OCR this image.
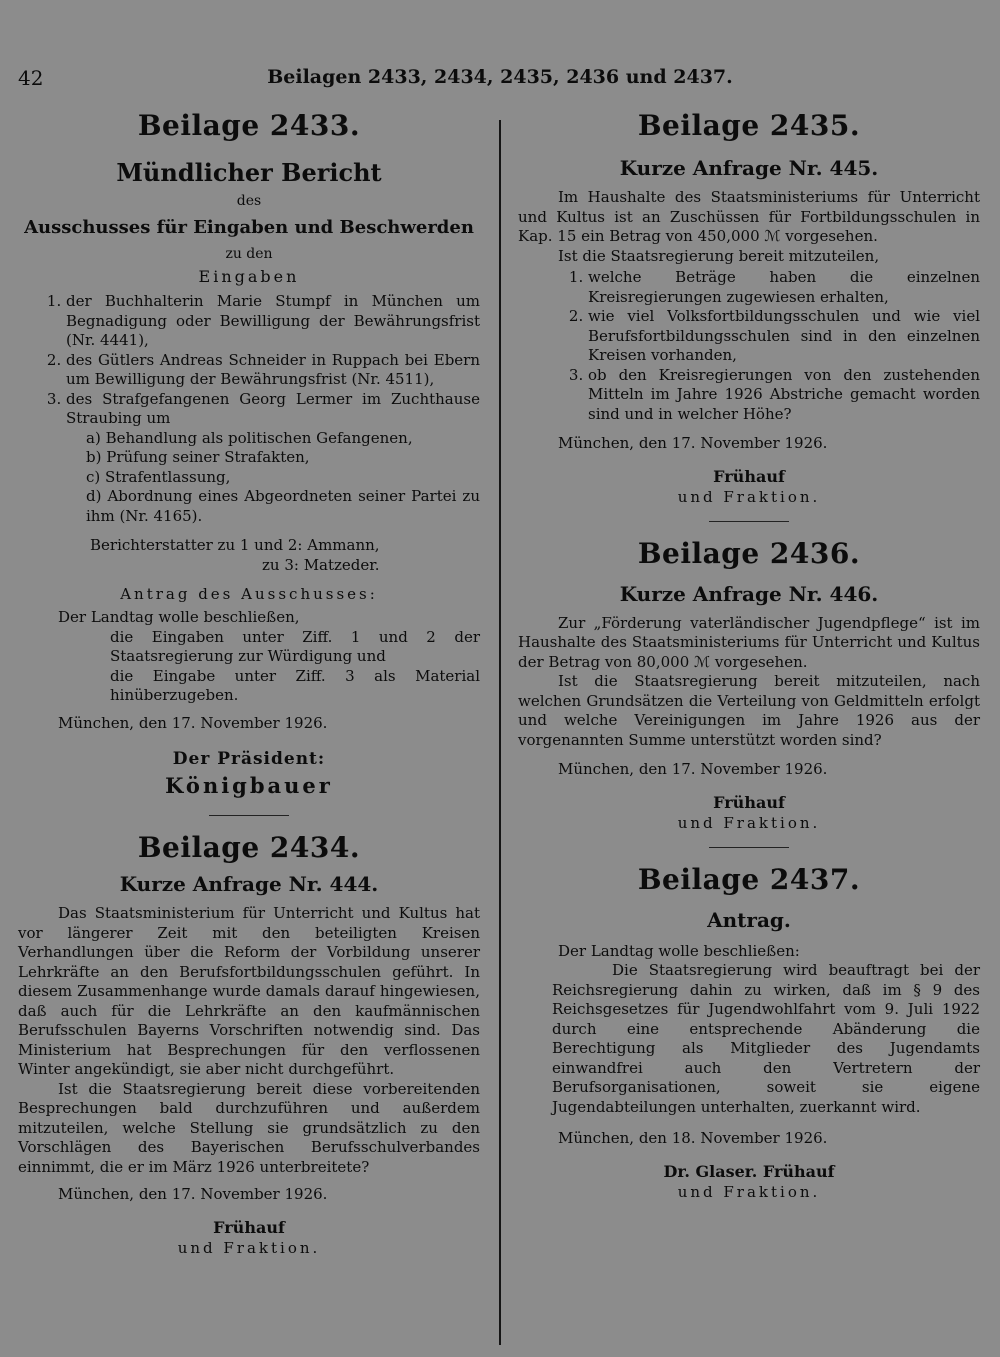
42	Beilagen 2433, 2434, 2435, 2436 und 2437.
Beilage 2433.
Mündlicher Bericht
des
Ausschusses für Eingaben und Beschwerden
zu den
Eingaben
1. der Buchhalterin Marie Stumpf in München um Begnadigung oder Bewilligung der Bewährungsfrist (Nr. 4441),
2. des Gütlers Andreas Schneider in Ruppach bei Ebern um Bewilligung der Bewährungsfrist (Nr. 4511),
3. des Strafgefangenen Georg Lermer im Zuchthause Straubing um
a) Behandlung als politischen Gefangenen,
b) Prüfung seiner Strafakten,
c) Strafentlassung,
d) Abordnung eines Abgeordneten seiner Partei zu ihm (Nr. 4165).

Berichterstatter zu 1 und 2: Ammann,

zu 3: Matzeder.

Antrag des Ausschusses:

Der Landtag wolle beschließen,

die Eingaben unter Ziff. 1 und 2 der Staatsregierung zur Würdigung und

die Eingabe unter Ziff. 3 als Material hinüberzugeben.

München, den 17. November 1926.

Der Präsident:
Königbauer
Beilage 2434.
Kurze Anfrage Nr. 444.

Das Staatsministerium für Unterricht und Kultus hat vor längerer Zeit mit den beteiligten Kreisen Verhandlungen über die Reform der Vorbildung unserer Lehrkräfte an den Berufsfortbildungsschulen geführt. In diesem Zusammenhange wurde damals darauf hingewiesen, daß auch für die Lehrkräfte an den kaufmännischen Berufsschulen Bayerns Vorschriften notwendig sind. Das Ministerium hat Besprechungen für den verflossenen Winter angekündigt, sie aber nicht durchgeführt.

Ist die Staatsregierung bereit diese vorbereitenden Besprechungen bald durchzuführen und außerdem mitzuteilen, welche Stellung sie grundsätzlich zu den Vorschlägen des Bayerischen Berufsschulverbandes einnimmt, die er im März 1926 unterbreitete?

München, den 17. November 1926.

Frühauf
und Fraktion.
Beilage 2435.
Kurze Anfrage Nr. 445.

Im Haushalte des Staatsministeriums für Unterricht und Kultus ist an Zuschüssen für Fortbildungsschulen in Kap. 15 ein Betrag von 450,000 ℳ vorgesehen.

Ist die Staatsregierung bereit mitzuteilen,

1. welche Beträge haben die einzelnen Kreisregierungen zugewiesen erhalten,
2. wie viel Volksfortbildungsschulen und wie viel Berufsfortbildungsschulen sind in den einzelnen Kreisen vorhanden,
3. ob den Kreisregierungen von den zustehenden Mitteln im Jahre 1926 Abstriche gemacht worden sind und in welcher Höhe?

München, den 17. November 1926.

Frühauf
und Fraktion.
Beilage 2436.
Kurze Anfrage Nr. 446.

Zur „Förderung vaterländischer Jugendpflege“ ist im Haushalte des Staatsministeriums für Unterricht und Kultus der Betrag von 80,000 ℳ vorgesehen.

Ist die Staatsregierung bereit mitzuteilen, nach welchen Grundsätzen die Verteilung von Geldmitteln erfolgt und welche Vereinigungen im Jahre 1926 aus der vorgenannten Summe unterstützt worden sind?

München, den 17. November 1926.

Frühauf
und Fraktion.
Beilage 2437.
Antrag.

Der Landtag wolle beschließen:

Die Staatsregierung wird beauftragt bei der Reichsregierung dahin zu wirken, daß im § 9 des Reichsgesetzes für Jugendwohlfahrt vom 9. Juli 1922 durch eine entsprechende Abänderung die Berechtigung als Mitglieder des Jugendamts einwandfrei auch den Vertretern der Berufsorganisationen, soweit sie eigene Jugendabteilungen unterhalten, zuerkannt wird.

München, den 18. November 1926.

Dr. Glaser. Frühauf
und Fraktion.
